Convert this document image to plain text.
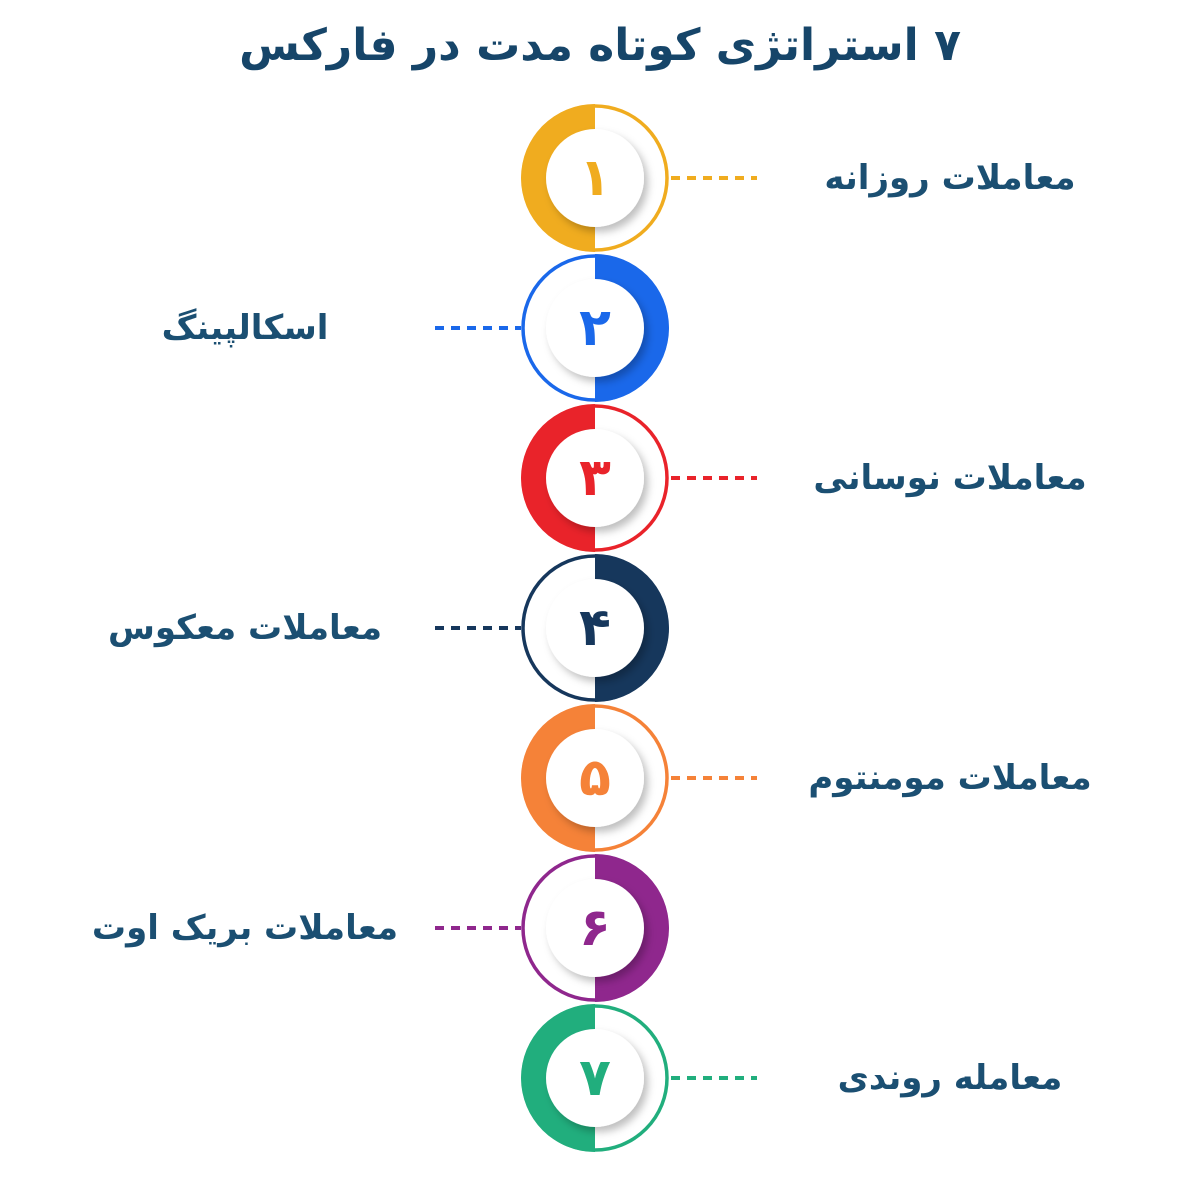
۷ استراتژی کوتاه مدت در فارکس
۱	معاملات روزانه
۲
اسکالپینگ
۳	معاملات نوسانی
۴
معاملات معکوس
۵	معاملات مومنتوم
۶
معاملات بریک اوت
۷	معامله روندی
